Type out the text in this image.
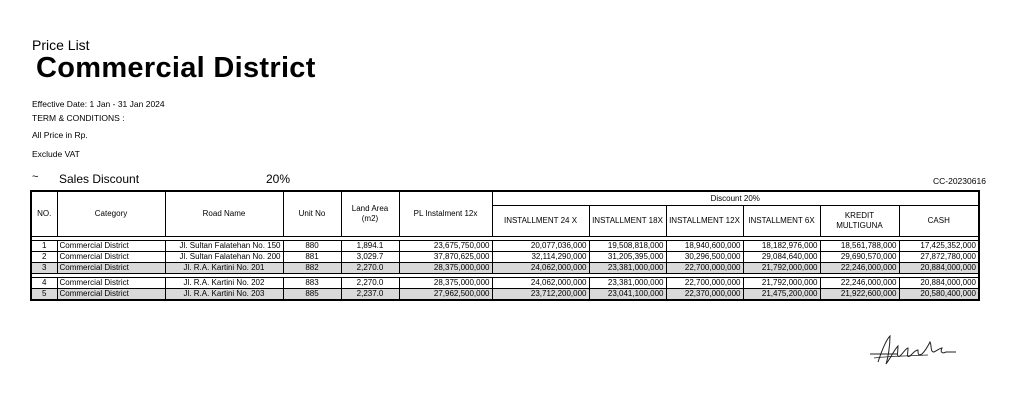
Price List
Commercial District
Effective Date: 1 Jan - 31 Jan 2024
TERM & CONDITIONS :
All Price in Rp.
Exclude VAT
~ Sales Discount	20%	CC-20230616
NO.	Category	Road Name	Unit No	Land Area (m2)	PL Instalment 12x	Discount 20%					
						INSTALLMENT 24 X	INSTALLMENT 18X	INSTALLMENT 12X	INSTALLMENT 6X	KREDIT MULTIGUNA	CASH

1	Commercial District	Jl. Sultan Falatehan No. 150	880	1,894.1	23,675,750,000	20,077,036,000	19,508,818,000	18,940,600,000	18,182,976,000	18,561,788,000	17,425,352,000
2	Commercial District	Jl. Sultan Falatehan No. 200	881	3,029.7	37,870,625,000	32,114,290,000	31,205,395,000	30,296,500,000	29,084,640,000	29,690,570,000	27,872,780,000
3	Commercial District	Jl. R.A. Kartini No. 201	882	2,270.0	28,375,000,000	24,062,000,000	23,381,000,000	22,700,000,000	21,792,000,000	22,246,000,000	20,884,000,000

4	Commercial District	Jl. R.A. Kartini No. 202	883	2,270.0	28,375,000,000	24,062,000,000	23,381,000,000	22,700,000,000	21,792,000,000	22,246,000,000	20,884,000,000
5	Commercial District	Jl. R.A. Kartini No. 203	885	2,237.0	27,962,500,000	23,712,200,000	23,041,100,000	22,370,000,000	21,475,200,000	21,922,600,000	20,580,400,000
